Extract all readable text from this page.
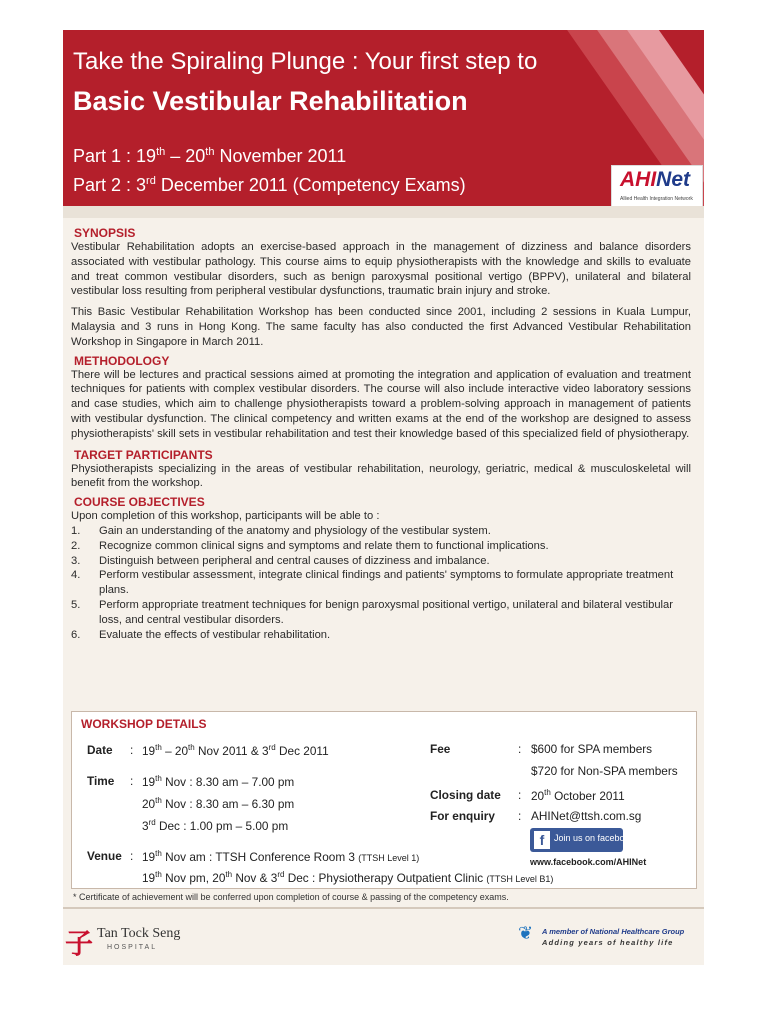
Take the Spiraling Plunge : Your first step to
Basic Vestibular Rehabilitation
Part 1 : 19th – 20th November 2011
Part 2 : 3rd December 2011 (Competency Exams)	AHINet
Allied Health Integration Network
SYNOPSIS

Vestibular Rehabilitation adopts an exercise-based approach in the management of dizziness and balance disorders associated with vestibular pathology. This course aims to equip physiotherapists with the knowledge and skills to evaluate and treat common vestibular disorders, such as benign paroxysmal positional vertigo (BPPV), unilateral and bilateral vestibular loss resulting from peripheral vestibular dysfunctions, traumatic brain injury and stroke.

This Basic Vestibular Rehabilitation Workshop has been conducted since 2001, including 2 sessions in Kuala Lumpur, Malaysia and 3 runs in Hong Kong. The same faculty has also conducted the first Advanced Vestibular Rehabilitation Workshop in Singapore in March 2011.

METHODOLOGY

There will be lectures and practical sessions aimed at promoting the integration and application of evaluation and treatment techniques for patients with complex vestibular disorders. The course will also include interactive video laboratory sessions and case studies, which aim to challenge physiotherapists toward a problem-solving approach in management of patients with vestibular dysfunction. The clinical competency and written exams at the end of the workshop are designed to assess physiotherapists' skill sets in vestibular rehabilitation and test their knowledge based of this specialized field of physiotherapy.

TARGET PARTICIPANTS

Physiotherapists specializing in the areas of vestibular rehabilitation, neurology, geriatric, medical & musculoskeletal will benefit from the workshop.

COURSE OBJECTIVES
Upon completion of this workshop, participants will be able to :
1.	Gain an understanding of the anatomy and physiology of the vestibular system.
2.	Recognize common clinical signs and symptoms and relate them to functional implications.
3.	Distinguish between peripheral and central causes of dizziness and imbalance.
4.	Perform vestibular assessment, integrate clinical findings and patients' symptoms to formulate appropriate treatment plans.
5.	Perform appropriate treatment techniques for benign paroxysmal positional vertigo, unilateral and bilateral vestibular loss, and central vestibular disorders.
6.	Evaluate the effects of vestibular rehabilitation.
WORKSHOP DETAILS
Date : 19th – 20th Nov 2011 & 3rd Dec 2011
Time : 19th Nov : 8.30 am – 7.00 pm
20th Nov : 8.30 am – 6.30 pm
3rd Dec : 1.00 pm – 5.00 pm
Venue : 19th Nov am : TTSH Conference Room 3 (TTSH Level 1)
19th Nov pm, 20th Nov & 3rd Dec : Physiotherapy Outpatient Clinic (TTSH Level B1)
Fee	: $600 for SPA members
$720 for Non-SPA members
Closing date : 20th October 2011
For enquiry : AHINet@ttsh.com.sg
f	Join us on facebook
www.facebook.com/AHINet
* Certificate of achievement will be conferred upon completion of course & passing of the competency exams.
子 Tan Tock Seng
HOSPITAL
❦	A member of National Healthcare Group
Adding years of healthy life
